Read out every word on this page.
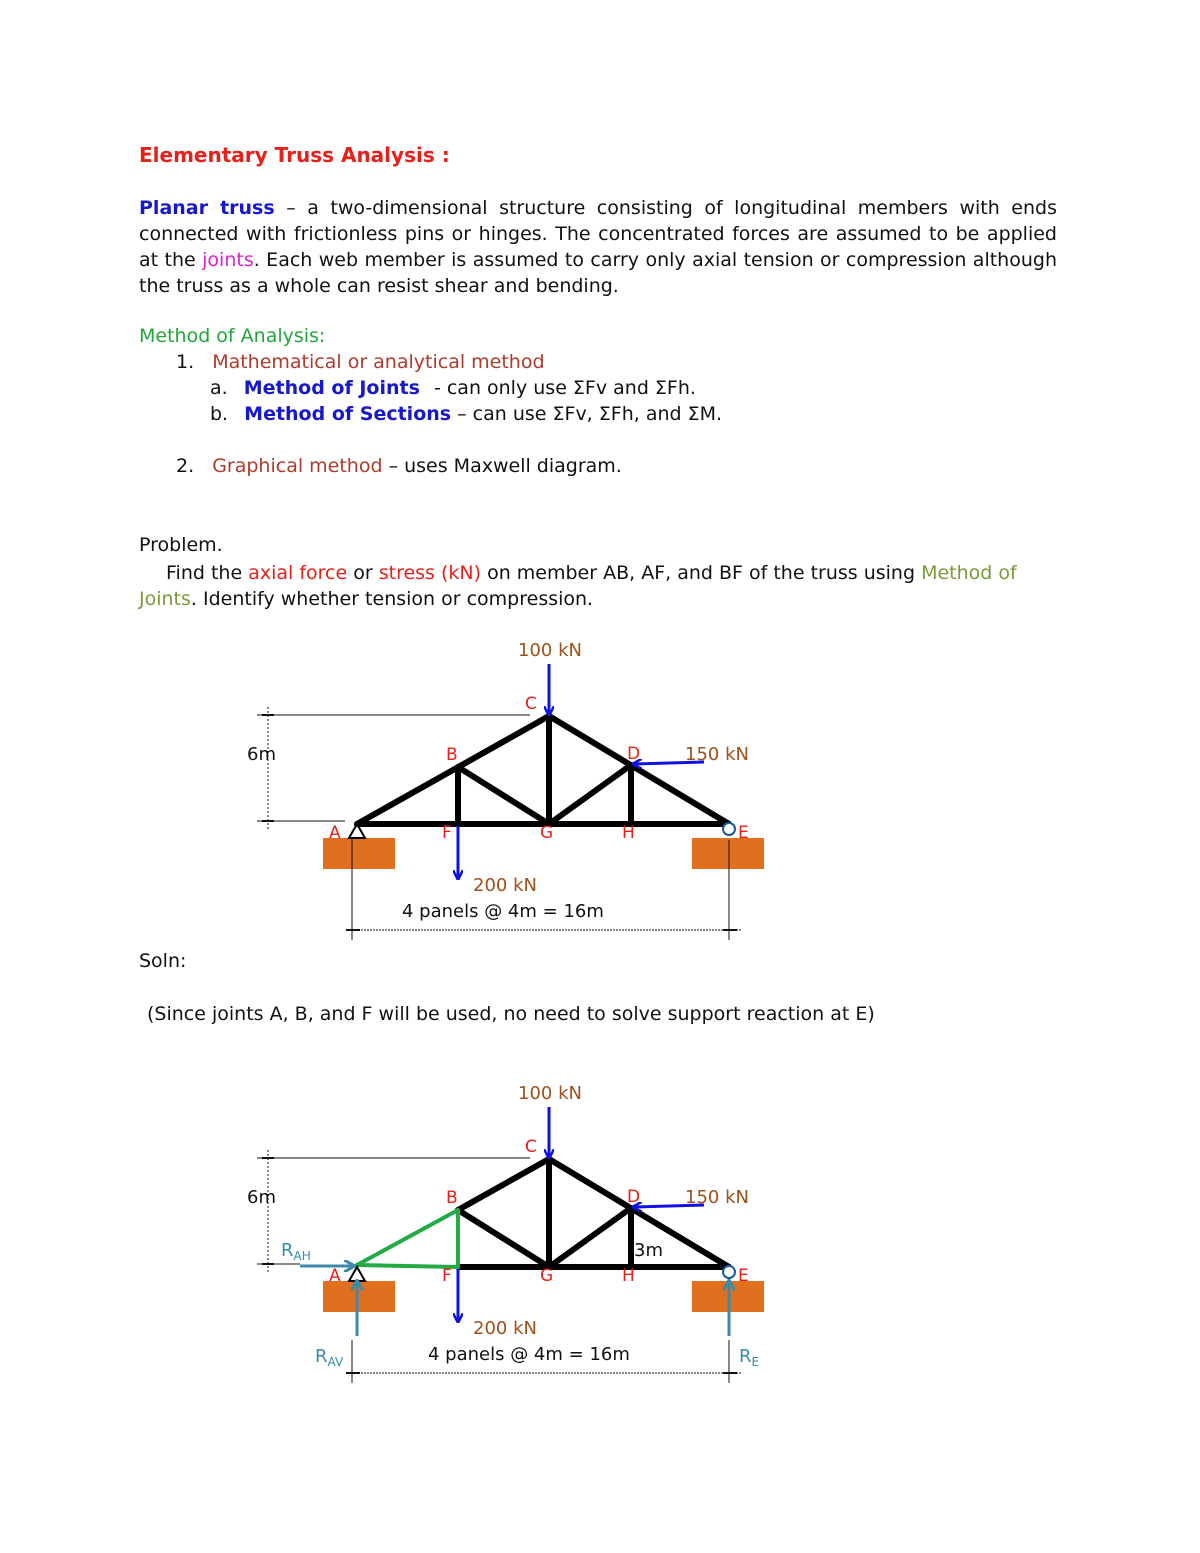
Elementary Truss Analysis :
Planar truss – a two-dimensional structure consisting of longitudinal members with ends
connected with frictionless pins or hinges. The concentrated forces are assumed to be applied
at the joints. Each web member is assumed to carry only axial tension or compression although
the truss as a whole can resist shear and bending.
Method of Analysis:
1. Mathematical or analytical method
a. Method of Joints - can only use ΣFv and ΣFh.
b. Method of Sections – can use ΣFv, ΣFh, and ΣM.
2. Graphical method – uses Maxwell diagram.
Problem.
Find the axial force or stress (kN) on member AB, AF, and BF of the truss using Method of
Joints. Identify whether tension or compression.
6m
100 kN
150 kN
200 kN
4 panels @ 4m = 16m
A
B
C
D
E
F	G	H
Soln:
(Since joints A, B, and F will be used, no need to solve support reaction at E)
6m
100 kN
150 kN
200 kN
4 panels @ 4m = 16m
3m
$R_{AH}$
$R_{AV}$	$R_E$
A
B
C
D
E
F	G	H
